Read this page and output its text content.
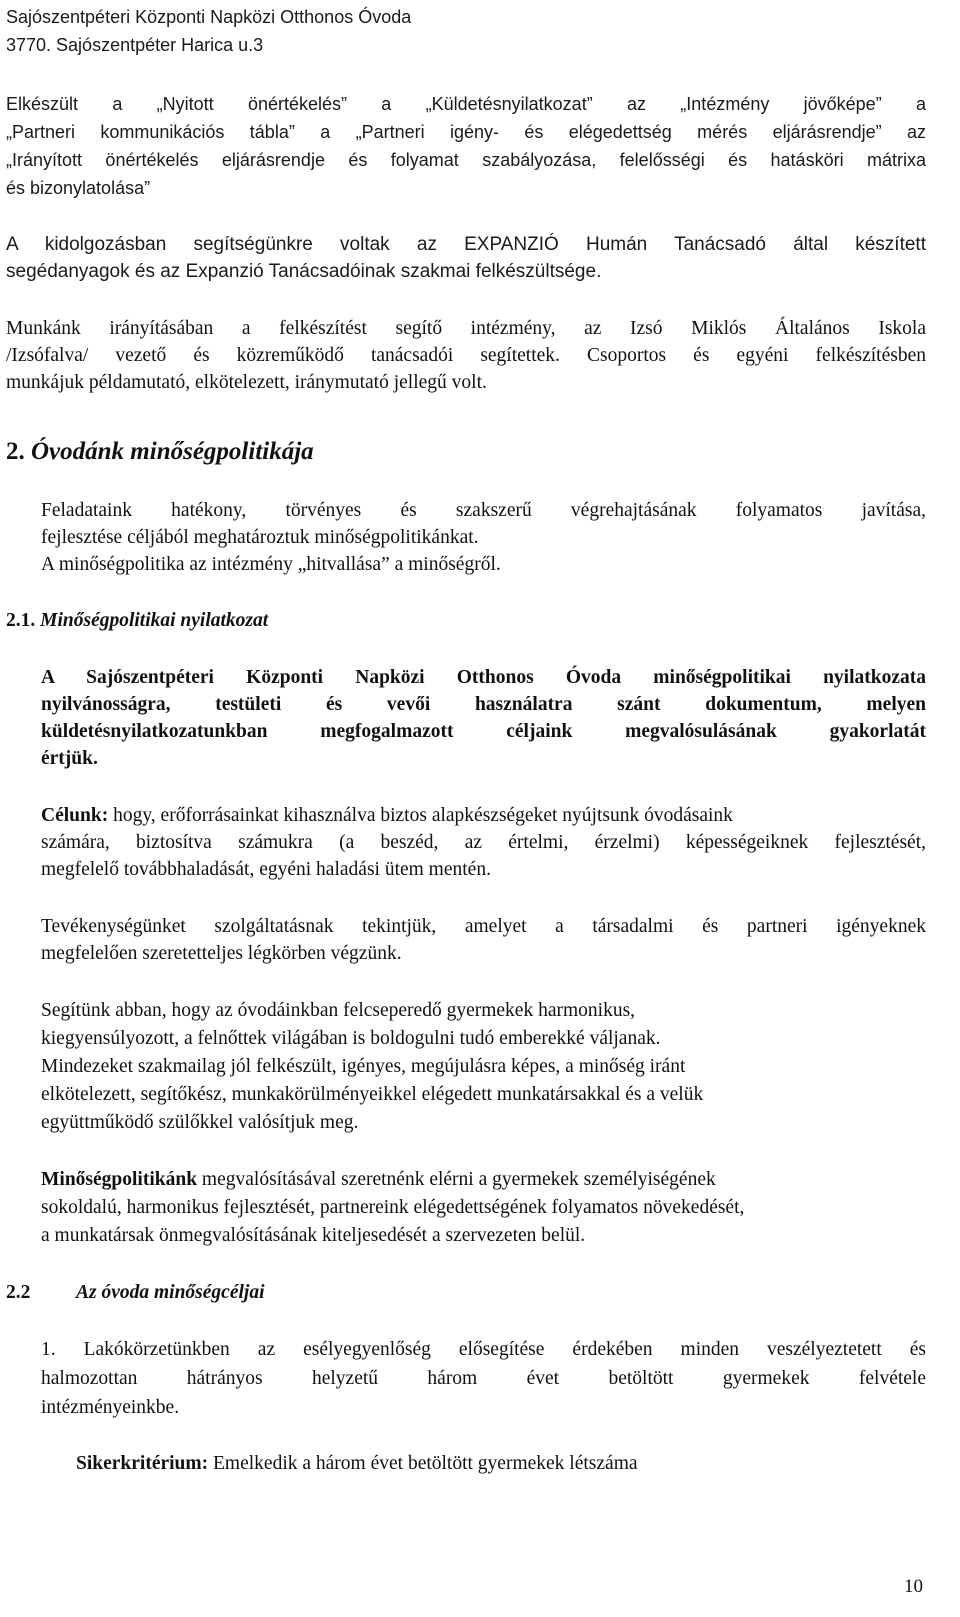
Sajószentpéteri Központi Napközi Otthonos Óvoda
3770. Sajószentpéter Harica u.3
Elkészült a „Nyitott önértékelés” a „Küldetésnyilatkozat” az „Intézmény jövőképe” a
„Partneri kommunikációs tábla” a „Partneri igény- és elégedettség mérés eljárásrendje” az
„Irányított önértékelés eljárásrendje és folyamat szabályozása, felelősségi és hatásköri mátrixa
és bizonylatolása”
A kidolgozásban segítségünkre voltak az EXPANZIÓ Humán Tanácsadó által készített
segédanyagok és az Expanzió Tanácsadóinak szakmai felkészültsége.
Munkánk irányításában a felkészítést segítő intézmény, az Izsó Miklós Általános Iskola
/Izsófalva/ vezető és közreműködő tanácsadói segítettek. Csoportos és egyéni felkészítésben
munkájuk példamutató, elkötelezett, iránymutató jellegű volt.
2. Óvodánk minőségpolitikája
Feladataink hatékony, törvényes és szakszerű végrehajtásának folyamatos javítása,
fejlesztése céljából meghatároztuk minőségpolitikánkat.
A minőségpolitika az intézmény „hitvallása” a minőségről.
2.1. Minőségpolitikai nyilatkozat
A Sajószentpéteri Központi Napközi Otthonos Óvoda minőségpolitikai nyilatkozata
nyilvánosságra, testületi és vevői használatra szánt dokumentum, melyen
küldetésnyilatkozatunkban megfogalmazott céljaink megvalósulásának gyakorlatát
értjük.
Célunk: hogy, erőforrásainkat kihasználva biztos alapkészségeket nyújtsunk óvodásaink
számára, biztosítva számukra (a beszéd, az értelmi, érzelmi) képességeiknek fejlesztését,
megfelelő továbbhaladását, egyéni haladási ütem mentén.
Tevékenységünket szolgáltatásnak tekintjük, amelyet a társadalmi és partneri igényeknek
megfelelően szeretetteljes légkörben végzünk.
Segítünk abban, hogy az óvodáinkban felcseperedő gyermekek harmonikus,
kiegyensúlyozott, a felnőttek világában is boldogulni tudó emberekké váljanak.
Mindezeket szakmailag jól felkészült, igényes, megújulásra képes, a minőség iránt
elkötelezett, segítőkész, munkakörülményeikkel elégedett munkatársakkal és a velük
együttműködő szülőkkel valósítjuk meg.
Minőségpolitikánk megvalósításával szeretnénk elérni a gyermekek személyiségének
sokoldalú, harmonikus fejlesztését, partnereink elégedettségének folyamatos növekedését,
a munkatársak önmegvalósításának kiteljesedését a szervezeten belül.
2.2 Az óvoda minőségcéljai
1. Lakókörzetünkben az esélyegyenlőség elősegítése érdekében minden veszélyeztetett és
halmozottan hátrányos helyzetű három évet betöltött gyermekek felvétele
intézményeinkbe.
Sikerkritérium: Emelkedik a három évet betöltött gyermekek létszáma
10
